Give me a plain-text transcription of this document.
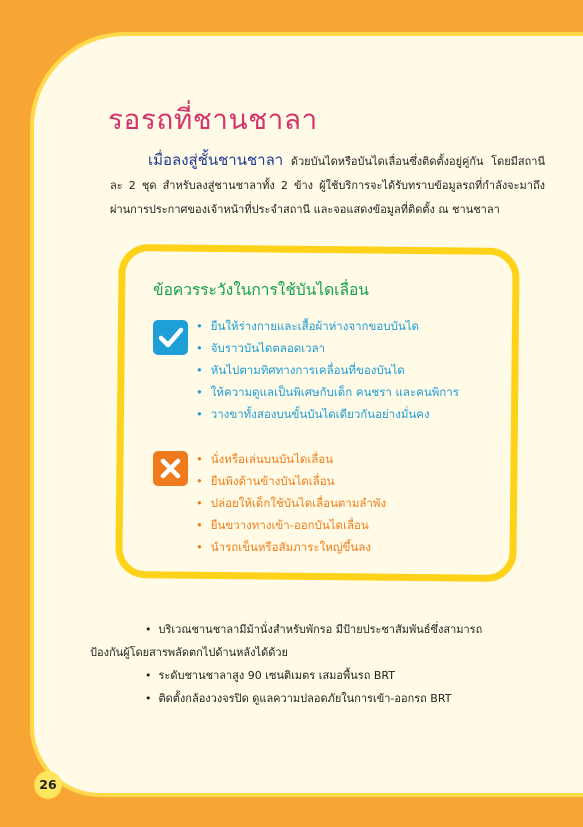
รอรถที่ชานชาลา
เมื่อลงสู่ชั้นชานชาลา ด้วยบันไดหรือบันไดเลื่อนซึ่งติดตั้งอยู่คู่กัน โดยมีสถานีละ 2 ชุด สำหรับลงสู่ชานชาลาทั้ง 2 ข้าง ผู้ใช้บริการจะได้รับทราบข้อมูลรถที่กำลังจะมาถึงผ่านการประกาศของเจ้าหน้าที่ประจำสถานี และจอแสดงข้อมูลที่ติดตั้ง ณ ชานชาลา
ข้อควรระวังในการใช้บันไดเลื่อน
• ยืนให้ร่างกายและเสื้อผ้าห่างจากขอบบันได
• จับราวบันไดตลอดเวลา
• หันไปตามทิศทางการเคลื่อนที่ของบันได
• ให้ความดูแลเป็นพิเศษกับเด็ก คนชรา และคนพิการ
• วางขาทั้งสองบนขั้นบันไดเดียวกันอย่างมั่นคง
• นั่งหรือเล่นบนบันไดเลื่อน
• ยืนพิงด้านข้างบันไดเลื่อน
• ปล่อยให้เด็กใช้บันไดเลื่อนตามลำพัง
• ยืนขวางทางเข้า-ออกบันไดเลื่อน
• นำรถเข็นหรือสัมภาระใหญ่ขึ้นลง
• บริเวณชานชาลามีม้านั่งสำหรับพักรอ มีป้ายประชาสัมพันธ์ซึ่งสามารถ
ป้องกันผู้โดยสารพลัดตกไปด้านหลังได้ด้วย
• ระดับชานชาลาสูง 90 เซนติเมตร เสมอพื้นรถ BRT
• ติดตั้งกล้องวงจรปิด ดูแลความปลอดภัยในการเข้า-ออกรถ BRT
26
